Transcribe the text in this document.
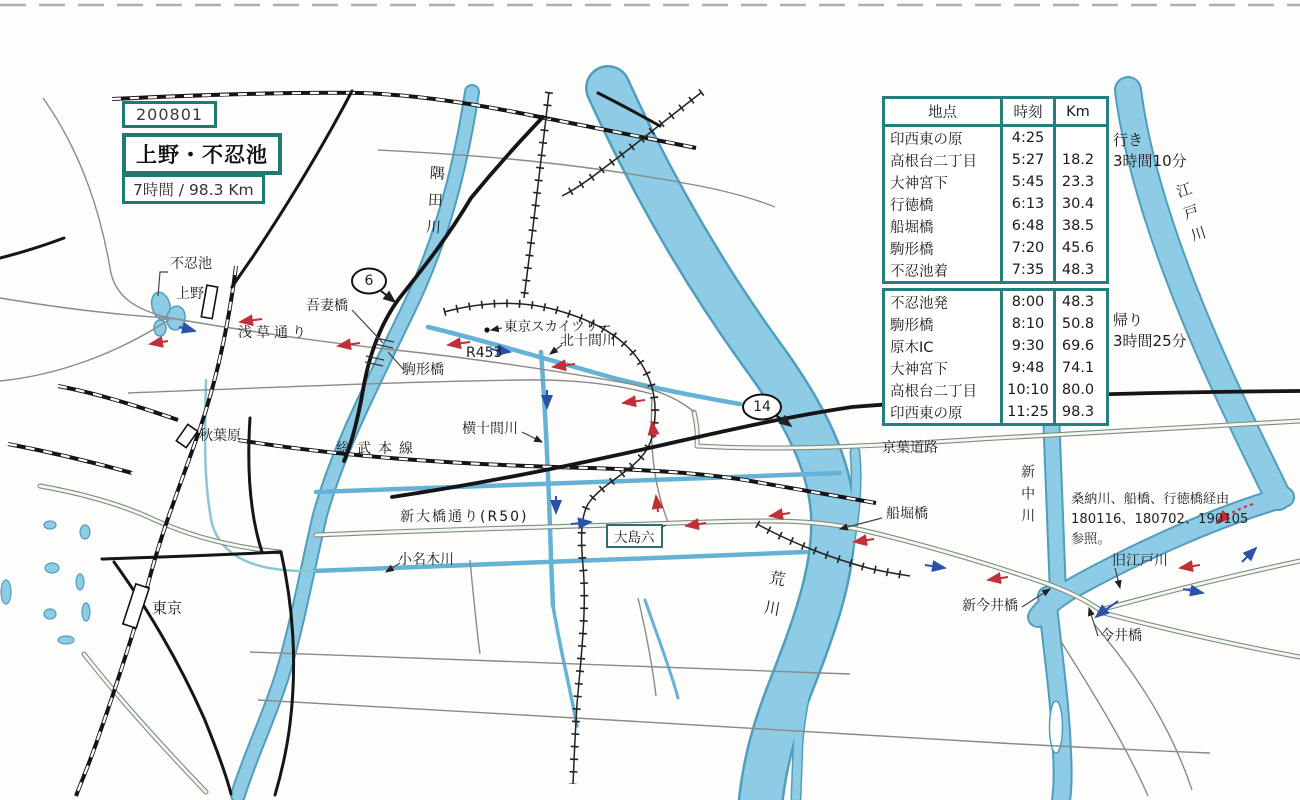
200801
上野・不忍池
7時間 / 98.3 Km
地点	時刻	Km
印西東の原	4:25
高根台二丁目	5:27	18.2
大神宮下	5:45	23.3
行徳橋	6:13	30.4
船堀橋	6:48	38.5
駒形橋	7:20	45.6
不忍池着	7:35	48.3
不忍池発	8:00	48.3
駒形橋	8:10	50.8
原木IC	9:30	69.6
大神宮下	9:48	74.1
高根台二丁目	10:10 80.0
印西東の原	11:25 98.3
行き
3時間10分
帰り
3時間25分
桑納川、船橋、行徳橋経由
180116、180702、190105
参照。
隅田川	江戸川
荒川
新中川
旧江戸川
小名木川
北十間川
横十間川
不忍池
上野
浅草通り
吾妻橋
駒形橋
東京スカイツリー
R453
秋葉原
総武本線
東京
新大橋通り(R50)
大島六
京葉道路
船堀橋
新今井橋
今井橋
6
14
